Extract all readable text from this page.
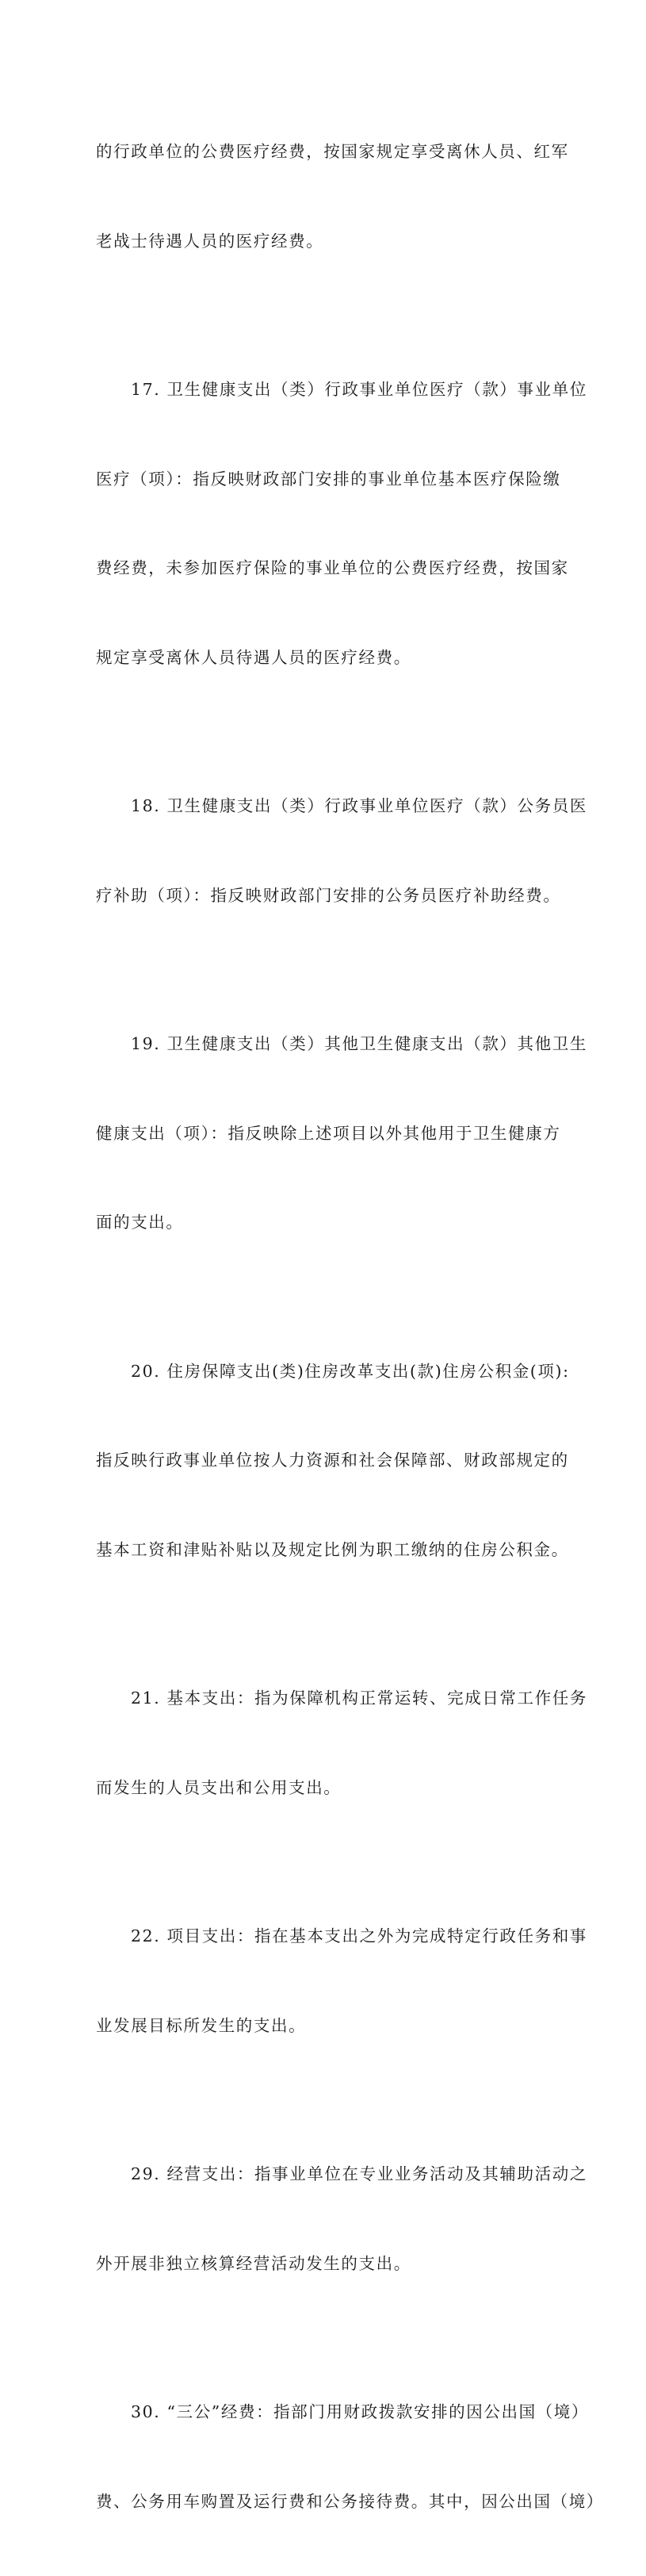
的行政单位的公费医疗经费，按国家规定享受离休人员、红军

老战士待遇人员的医疗经费。

17. 卫生健康支出（类）行政事业单位医疗（款）事业单位

医疗（项）：指反映财政部门安排的事业单位基本医疗保险缴

费经费，未参加医疗保险的事业单位的公费医疗经费，按国家

规定享受离休人员待遇人员的医疗经费。

18. 卫生健康支出（类）行政事业单位医疗（款）公务员医

疗补助（项）：指反映财政部门安排的公务员医疗补助经费。

19. 卫生健康支出（类）其他卫生健康支出（款）其他卫生

健康支出（项）：指反映除上述项目以外其他用于卫生健康方

面的支出。

20. 住房保障支出(类)住房改革支出(款)住房公积金(项):

指反映行政事业单位按人力资源和社会保障部、财政部规定的

基本工资和津贴补贴以及规定比例为职工缴纳的住房公积金。

21. 基本支出：指为保障机构正常运转、完成日常工作任务

而发生的人员支出和公用支出。

22. 项目支出：指在基本支出之外为完成特定行政任务和事

业发展目标所发生的支出。

29. 经营支出：指事业单位在专业业务活动及其辅助活动之

外开展非独立核算经营活动发生的支出。

30. “三公”经费：指部门用财政拨款安排的因公出国（境）

费、公务用车购置及运行费和公务接待费。其中，因公出国（境）
